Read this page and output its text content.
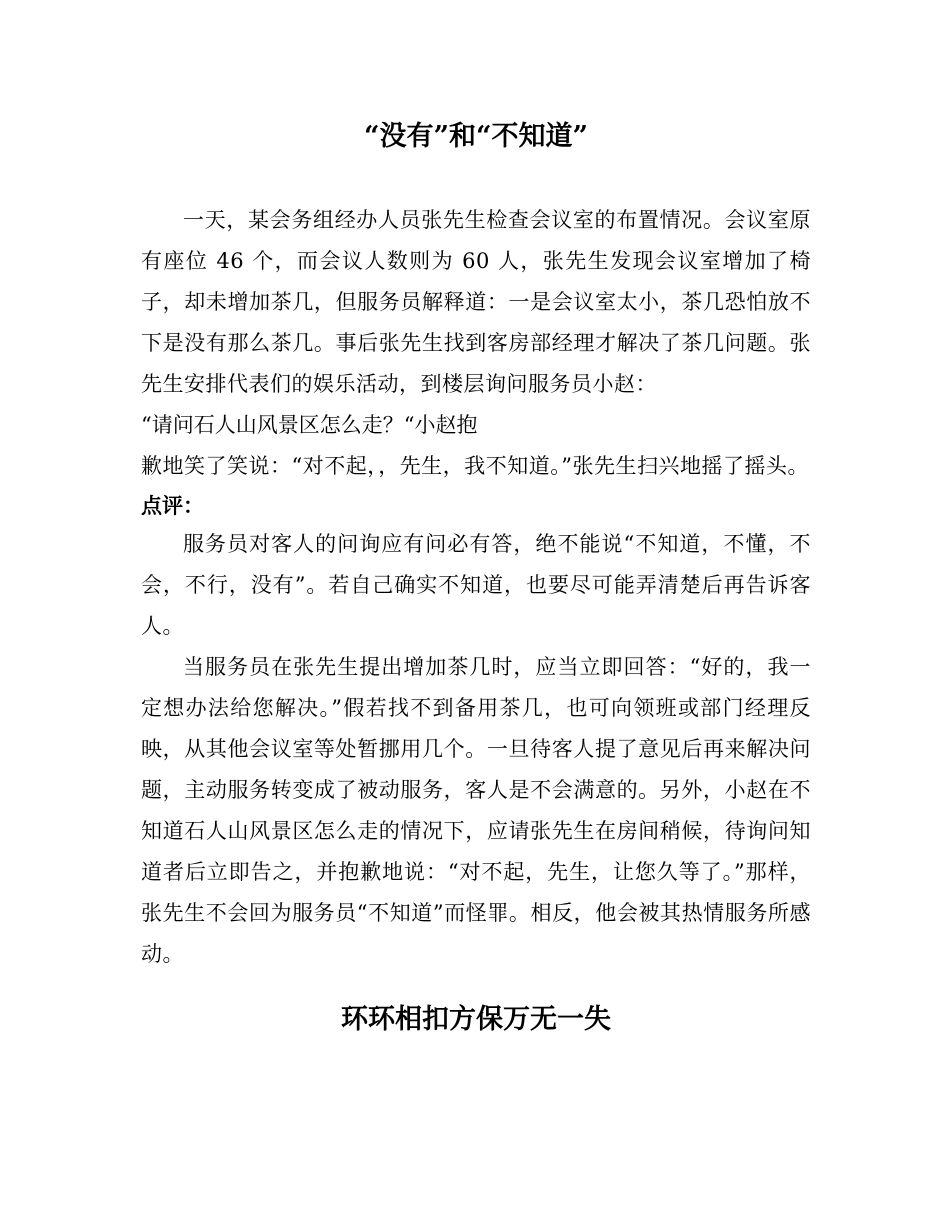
“没有”和“不知道”

一天，某会务组经办人员张先生检查会议室的布置情况。会议室原有座位 46 个，而会议人数则为 60 人，张先生发现会议室增加了椅子，却未增加茶几，但服务员解释道：一是会议室太小，茶几恐怕放不下是没有那么茶几。事后张先生找到客房部经理才解决了茶几问题。张先生安排代表们的娱乐活动，到楼层询问服务员小赵：

“请问石人山风景区怎么走？“小赵抱

歉地笑了笑说：“对不起，，先生，我不知道。”张先生扫兴地摇了摇头。

点评：

服务员对客人的问询应有问必有答，绝不能说“不知道，不懂，不会，不行，没有”。若自己确实不知道，也要尽可能弄清楚后再告诉客人。

当服务员在张先生提出增加茶几时，应当立即回答：“好的，我一定想办法给您解决。”假若找不到备用茶几，也可向领班或部门经理反映，从其他会议室等处暂挪用几个。一旦待客人提了意见后再来解决问题，主动服务转变成了被动服务，客人是不会满意的。另外，小赵在不知道石人山风景区怎么走的情况下，应请张先生在房间稍候，待询问知道者后立即告之，并抱歉地说：“对不起，先生，让您久等了。”那样，张先生不会回为服务员“不知道”而怪罪。相反，他会被其热情服务所感动。

环环相扣方保万无一失
